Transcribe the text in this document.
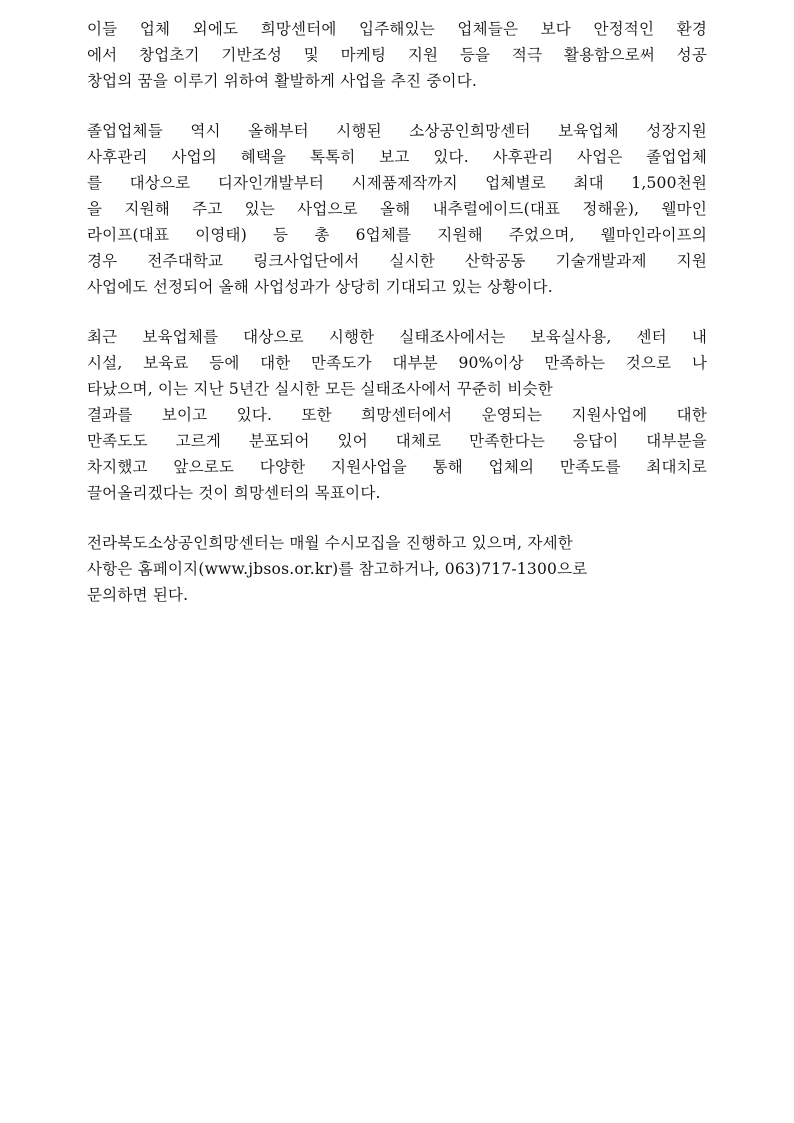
이들 업체 외에도 희망센터에 입주해있는 업체들은 보다 안정적인 환경
에서 창업초기 기반조성 및 마케팅 지원 등을 적극 활용함으로써 성공
창업의 꿈을 이루기 위하여 활발하게 사업을 추진 중이다.
졸업업체들 역시 올해부터 시행된 소상공인희망센터 보육업체 성장지원
사후관리 사업의 혜택을 톡톡히 보고 있다. 사후관리 사업은 졸업업체
를 대상으로 디자인개발부터 시제품제작까지 업체별로 최대 1,500천원
을 지원해 주고 있는 사업으로 올해 내추럴에이드(대표 정해윤), 웰마인
라이프(대표 이영태) 등 총 6업체를 지원해 주었으며, 웰마인라이프의
경우 전주대학교 링크사업단에서 실시한 산학공동 기술개발과제 지원
사업에도 선정되어 올해 사업성과가 상당히 기대되고 있는 상황이다.
최근 보육업체를 대상으로 시행한 실태조사에서는 보육실사용, 센터 내
시설, 보육료 등에 대한 만족도가 대부분 90%이상 만족하는 것으로 나
타났으며, 이는 지난 5년간 실시한 모든 실태조사에서 꾸준히 비슷한
결과를 보이고 있다. 또한 희망센터에서 운영되는 지원사업에 대한
만족도도 고르게 분포되어 있어 대체로 만족한다는 응답이 대부분을
차지했고 앞으로도 다양한 지원사업을 통해 업체의 만족도를 최대치로
끌어올리겠다는 것이 희망센터의 목표이다.
전라북도소상공인희망센터는 매월 수시모집을 진행하고 있으며, 자세한
사항은 홈페이지(www.jbsos.or.kr)를 참고하거나, 063)717-1300으로
문의하면 된다.
